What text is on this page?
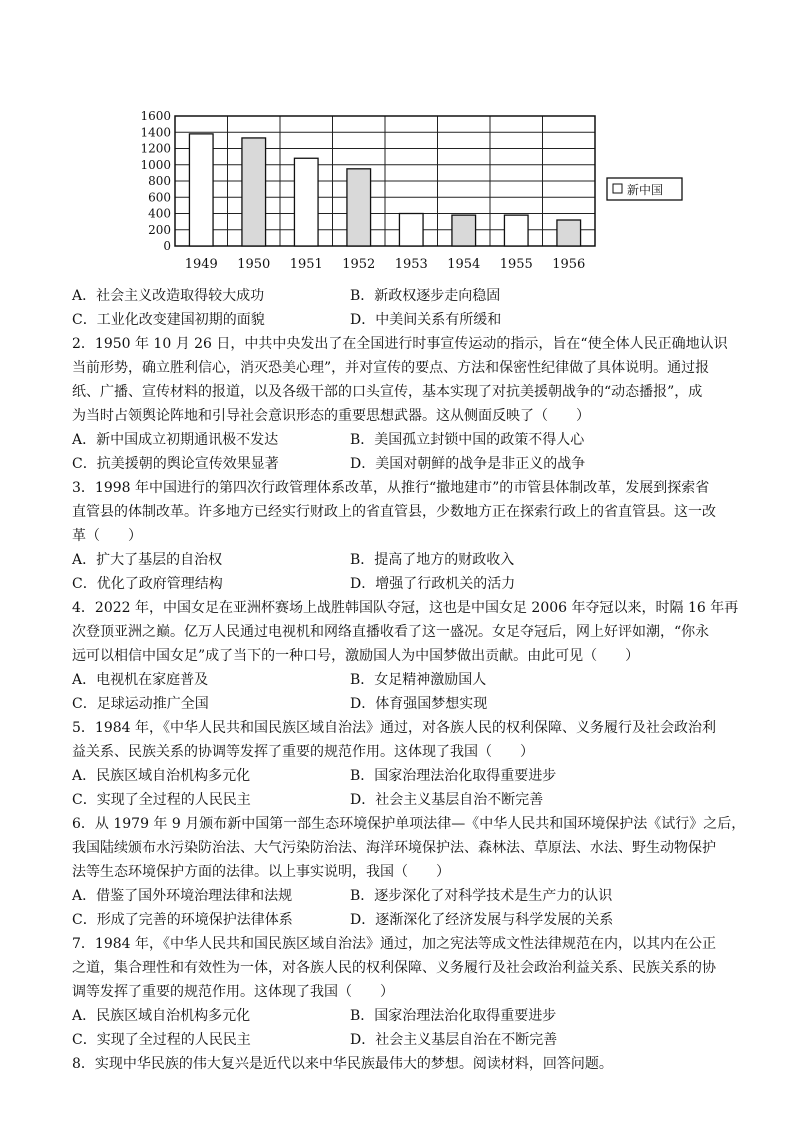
1600
1400
1200
1000
800
600
400
200
0
1949 1950 1951 1952 1953 1954 1955 1956
新中国
A．社会主义改造取得较大成功	B．新政权逐步走向稳固
C．工业化改变建国初期的面貌	D．中美间关系有所缓和
2．1950 年 10 月 26 日，中共中央发出了在全国进行时事宣传运动的指示，旨在“使全体人民正确地认识
当前形势，确立胜利信心，消灭恐美心理”，并对宣传的要点、方法和保密性纪律做了具体说明。通过报
纸、广播、宣传材料的报道，以及各级干部的口头宣传，基本实现了对抗美援朝战争的“动态播报”，成
为当时占领舆论阵地和引导社会意识形态的重要思想武器。这从侧面反映了（　　）
A．新中国成立初期通讯极不发达	B．美国孤立封锁中国的政策不得人心
C．抗美援朝的舆论宣传效果显著	D．美国对朝鲜的战争是非正义的战争
3．1998 年中国进行的第四次行政管理体系改革，从推行“撤地建市”的市管县体制改革，发展到探索省
直管县的体制改革。许多地方已经实行财政上的省直管县，少数地方正在探索行政上的省直管县。这一改
革（　　）
A．扩大了基层的自治权	B．提高了地方的财政收入
C．优化了政府管理结构	D．增强了行政机关的活力
4．2022 年，中国女足在亚洲杯赛场上战胜韩国队夺冠，这也是中国女足 2006 年夺冠以来，时隔 16 年再
次登顶亚洲之巅。亿万人民通过电视机和网络直播收看了这一盛况。女足夺冠后，网上好评如潮，“你永
远可以相信中国女足”成了当下的一种口号，激励国人为中国梦做出贡献。由此可见（　　）
A．电视机在家庭普及	B．女足精神激励国人
C．足球运动推广全国	D．体育强国梦想实现
5．1984 年，《中华人民共和国民族区域自治法》通过，对各族人民的权利保障、义务履行及社会政治利
益关系、民族关系的协调等发挥了重要的规范作用。这体现了我国（　　）
A．民族区域自治机构多元化	B．国家治理法治化取得重要进步
C．实现了全过程的人民民主	D．社会主义基层自治不断完善
6．从 1979 年 9 月颁布新中国第一部生态环境保护单项法律—《中华人民共和国环境保护法《试行》之后，
我国陆续颁布水污染防治法、大气污染防治法、海洋环境保护法、森林法、草原法、水法、野生动物保护
法等生态环境保护方面的法律。以上事实说明，我国（　　）
A．借鉴了国外环境治理法律和法规	B．逐步深化了对科学技术是生产力的认识
C．形成了完善的环境保护法律体系	D．逐渐深化了经济发展与科学发展的关系
7．1984 年，《中华人民共和国民族区域自治法》通过，加之宪法等成文性法律规范在内，以其内在公正
之道，集合理性和有效性为一体，对各族人民的权利保障、义务履行及社会政治利益关系、民族关系的协
调等发挥了重要的规范作用。这体现了我国（　　）
A．民族区域自治机构多元化	B．国家治理法治化取得重要进步
C．实现了全过程的人民民主	D．社会主义基层自治在不断完善
8．实现中华民族的伟大复兴是近代以来中华民族最伟大的梦想。阅读材料，回答问题。
